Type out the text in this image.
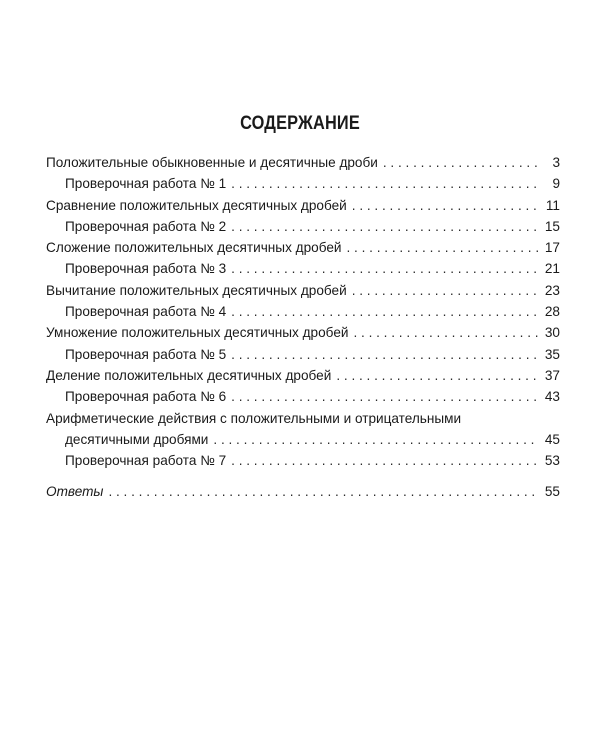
СОДЕРЖАНИЕ
Положительные обыкновенные и десятичные дроби . . .	3
Проверочная работа № 1 . . .	9
Сравнение положительных десятичных дробей . . .	11
Проверочная работа № 2 . . .	15
Сложение положительных десятичных дробей . . .	17
Проверочная работа № 3 . . .	21
Вычитание положительных десятичных дробей . . .	23
Проверочная работа № 4 . . .	28
Умножение положительных десятичных дробей . . .	30
Проверочная работа № 5 . . .	35
Деление положительных десятичных дробей . . .	37
Проверочная работа № 6 . . .	43
Арифметические действия с положительными и отрицательными
десятичными дробями . . .	45
Проверочная работа № 7 . . .	53
Ответы . . .	55
